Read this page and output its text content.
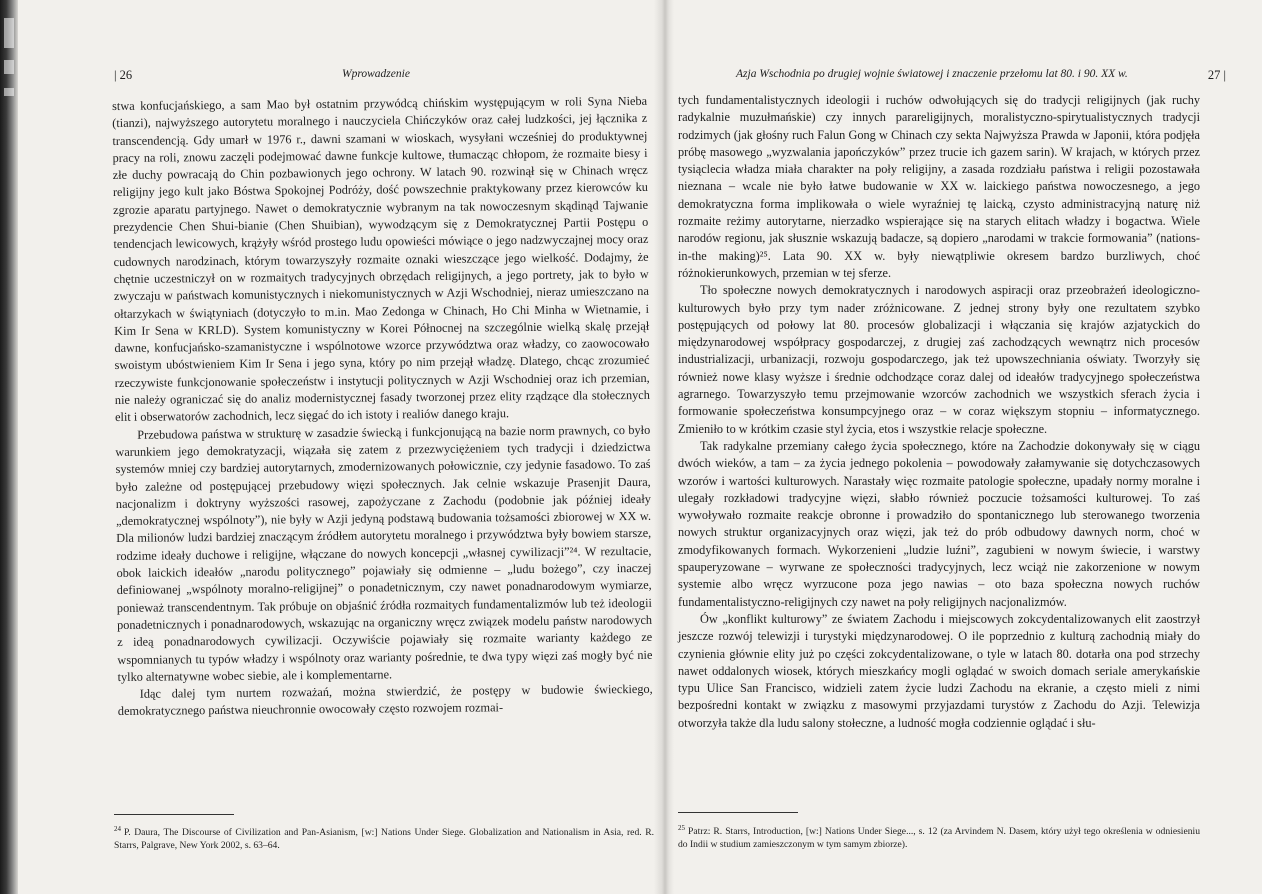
| 26	Wprowadzenie

stwa konfucjańskiego, a sam Mao był ostatnim przywódcą chińskim występującym w roli Syna Nieba (tianzi), najwyższego autorytetu moralnego i nauczyciela Chińczyków oraz całej ludzkości, jej łącznika z transcendencją. Gdy umarł w 1976 r., dawni szamani w wioskach, wysyłani wcześniej do produktywnej pracy na roli, znowu zaczęli podejmować dawne funkcje kultowe, tłumacząc chłopom, że rozmaite biesy i złe duchy powracają do Chin pozbawionych jego ochrony. W latach 90. rozwinął się w Chinach wręcz religijny jego kult jako Bóstwa Spokojnej Podróży, dość powszechnie praktykowany przez kierowców ku zgrozie aparatu partyjnego. Nawet o demokratycznie wybranym na tak nowoczesnym skądinąd Tajwanie prezydencie Chen Shui-bianie (Chen Shuibian), wywodzącym się z Demokratycznej Partii Postępu o tendencjach lewicowych, krążyły wśród prostego ludu opowieści mówiące o jego nadzwyczajnej mocy oraz cudownych narodzinach, którym towarzyszyły rozmaite oznaki wieszczące jego wielkość. Dodajmy, że chętnie uczestniczył on w rozmaitych tradycyjnych obrzędach religijnych, a jego portrety, jak to było w zwyczaju w państwach komunistycznych i niekomunistycznych w Azji Wschodniej, nieraz umieszczano na ołtarzykach w świątyniach (dotyczyło to m.in. Mao Zedonga w Chinach, Ho Chi Minha w Wietnamie, i Kim Ir Sena w KRLD). System komunistyczny w Korei Północnej na szczególnie wielką skalę przejął dawne, konfucjańsko-szamanistyczne i wspólnotowe wzorce przywództwa oraz władzy, co zaowocowało swoistym ubóstwieniem Kim Ir Sena i jego syna, który po nim przejął władzę. Dlatego, chcąc zrozumieć rzeczywiste funkcjonowanie społeczeństw i instytucji politycznych w Azji Wschodniej oraz ich przemian, nie należy ograniczać się do analiz modernistycznej fasady tworzonej przez elity rządzące dla stołecznych elit i obserwatorów zachodnich, lecz sięgać do ich istoty i realiów danego kraju.

Przebudowa państwa w strukturę w zasadzie świecką i funkcjonującą na bazie norm prawnych, co było warunkiem jego demokratyzacji, wiązała się zatem z przezwyciężeniem tych tradycji i dziedzictwa systemów mniej czy bardziej autorytarnych, zmodernizowanych połowicznie, czy jedynie fasadowo. To zaś było zależne od postępującej przebudowy więzi społecznych. Jak celnie wskazuje Prasenjit Daura, nacjonalizm i doktryny wyższości rasowej, zapożyczane z Zachodu (podobnie jak później ideały „demokratycznej wspólnoty”), nie były w Azji jedyną podstawą budowania tożsamości zbiorowej w XX w. Dla milionów ludzi bardziej znaczącym źródłem autorytetu moralnego i przywództwa były bowiem starsze, rodzime ideały duchowe i religijne, włączane do nowych koncepcji „własnej cywilizacji”²⁴. W rezultacie, obok laickich ideałów „narodu politycznego” pojawiały się odmienne – „ludu bożego”, czy inaczej definiowanej „wspólnoty moralno-religijnej” o ponadetnicznym, czy nawet ponadnarodowym wymiarze, ponieważ transcendentnym. Tak próbuje on objaśnić źródła rozmaitych fundamentalizmów lub też ideologii ponadetnicznych i ponadnarodowych, wskazując na organiczny wręcz związek modelu państw narodowych z ideą ponadnarodowych cywilizacji. Oczywiście pojawiały się rozmaite warianty każdego ze wspomnianych tu typów władzy i wspólnoty oraz warianty pośrednie, te dwa typy więzi zaś mogły być nie tylko alternatywne wobec siebie, ale i komplementarne.

Idąc dalej tym nurtem rozważań, można stwierdzić, że postępy w budowie świeckiego, demokratycznego państwa nieuchronnie owocowały często rozwojem rozmai-

$^{24}$ P. Daura, The Discourse of Civilization and Pan-Asianism, [w:] Nations Under Siege. Globalization and Nationalism in Asia, red. R. Starrs, Palgrave, New York 2002, s. 63–64.
Azja Wschodnia po drugiej wojnie światowej i znaczenie przełomu lat 80. i 90. XX w.	27 |

tych fundamentalistycznych ideologii i ruchów odwołujących się do tradycji religijnych (jak ruchy radykalnie muzułmańskie) czy innych parareligijnych, moralistyczno-spirytualistycznych tradycji rodzimych (jak głośny ruch Falun Gong w Chinach czy sekta Najwyższa Prawda w Japonii, która podjęła próbę masowego „wyzwalania japończyków” przez trucie ich gazem sarin). W krajach, w których przez tysiąclecia władza miała charakter na poły religijny, a zasada rozdziału państwa i religii pozostawała nieznana – wcale nie było łatwe budowanie w XX w. laickiego państwa nowoczesnego, a jego demokratyczna forma implikowała o wiele wyraźniej tę laicką, czysto administracyjną naturę niż rozmaite reżimy autorytarne, nierzadko wspierające się na starych elitach władzy i bogactwa. Wiele narodów regionu, jak słusznie wskazują badacze, są dopiero „narodami w trakcie formowania” (nations-in-the making)²⁵. Lata 90. XX w. były niewątpliwie okresem bardzo burzliwych, choć różnokierunkowych, przemian w tej sferze.

Tło społeczne nowych demokratycznych i narodowych aspiracji oraz przeobrażeń ideologiczno-kulturowych było przy tym nader zróżnicowane. Z jednej strony były one rezultatem szybko postępujących od połowy lat 80. procesów globalizacji i włączania się krajów azjatyckich do międzynarodowej współpracy gospodarczej, z drugiej zaś zachodzących wewnątrz nich procesów industrializacji, urbanizacji, rozwoju gospodarczego, jak też upowszechniania oświaty. Tworzyły się również nowe klasy wyższe i średnie odchodzące coraz dalej od ideałów tradycyjnego społeczeństwa agrarnego. Towarzyszyło temu przejmowanie wzorców zachodnich we wszystkich sferach życia i formowanie społeczeństwa konsumpcyjnego oraz – w coraz większym stopniu – informatycznego. Zmieniło to w krótkim czasie styl życia, etos i wszystkie relacje społeczne.

Tak radykalne przemiany całego życia społecznego, które na Zachodzie dokonywały się w ciągu dwóch wieków, a tam – za życia jednego pokolenia – powodowały załamywanie się dotychczasowych wzorów i wartości kulturowych. Narastały więc rozmaite patologie społeczne, upadały normy moralne i ulegały rozkładowi tradycyjne więzi, słabło również poczucie tożsamości kulturowej. To zaś wywoływało rozmaite reakcje obronne i prowadziło do spontanicznego lub sterowanego tworzenia nowych struktur organizacyjnych oraz więzi, jak też do prób odbudowy dawnych norm, choć w zmodyfikowanych formach. Wykorzenieni „ludzie luźni”, zagubieni w nowym świecie, i warstwy spauperyzowane – wyrwane ze społeczności tradycyjnych, lecz wciąż nie zakorzenione w nowym systemie albo wręcz wyrzucone poza jego nawias – oto baza społeczna nowych ruchów fundamentalistyczno-religijnych czy nawet na poły religijnych nacjonalizmów.

Ów „konflikt kulturowy” ze światem Zachodu i miejscowych zokcydentalizowanych elit zaostrzył jeszcze rozwój telewizji i turystyki międzynarodowej. O ile poprzednio z kulturą zachodnią miały do czynienia głównie elity już po części zokcydentalizowane, o tyle w latach 80. dotarła ona pod strzechy nawet oddalonych wiosek, których mieszkańcy mogli oglądać w swoich domach seriale amerykańskie typu Ulice San Francisco, widzieli zatem życie ludzi Zachodu na ekranie, a często mieli z nimi bezpośredni kontakt w związku z masowymi przyjazdami turystów z Zachodu do Azji. Telewizja otworzyła także dla ludu salony stołeczne, a ludność mogła codziennie oglądać i słu-

$^{25}$ Patrz: R. Starrs, Introduction, [w:] Nations Under Siege..., s. 12 (za Arvindem N. Dasem, który użył tego określenia w odniesieniu do Indii w studium zamieszczonym w tym samym zbiorze).
